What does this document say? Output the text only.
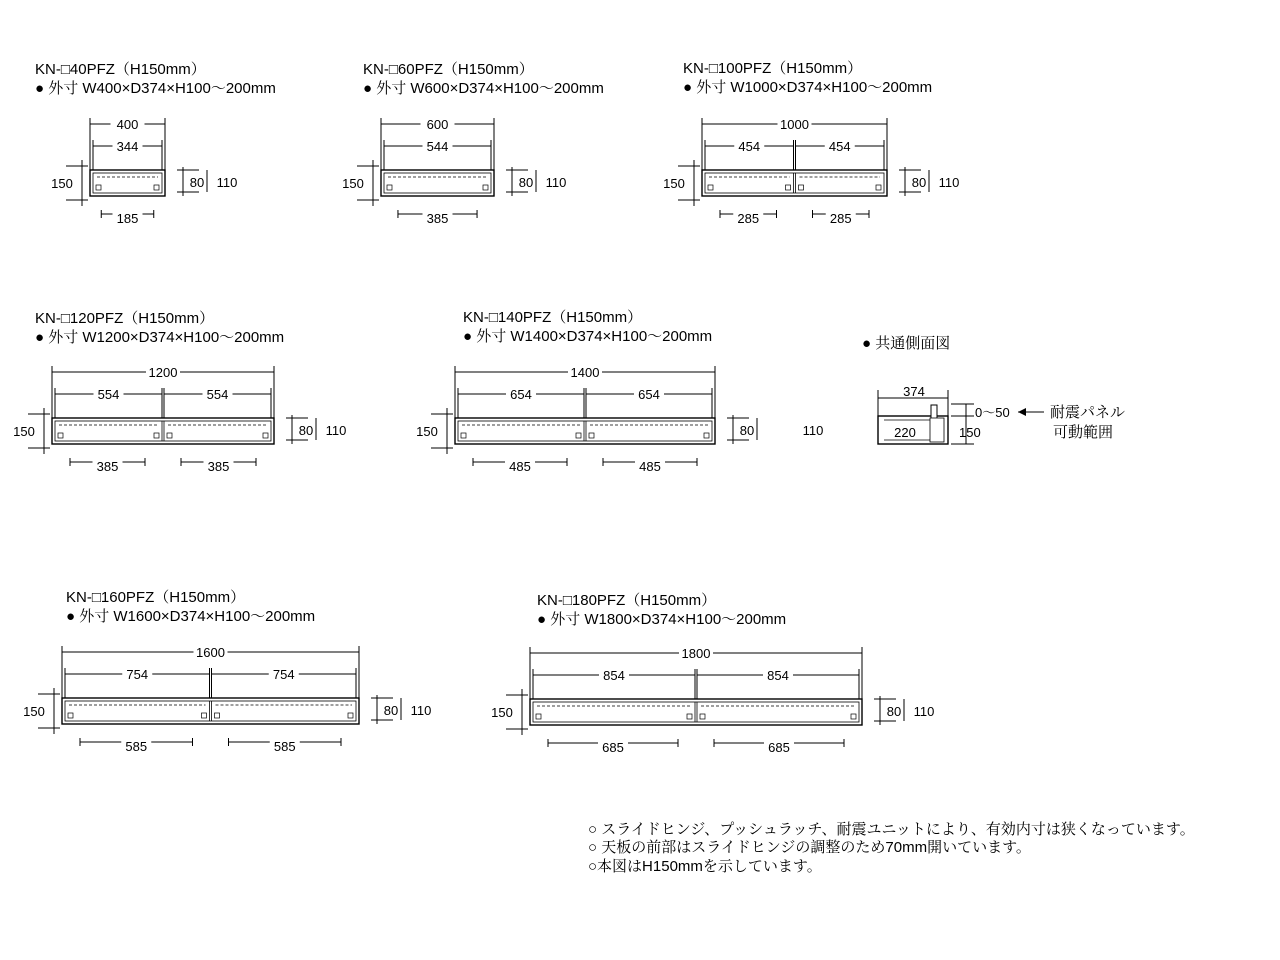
KN-□40PFZ（H150mm）
● 外寸 W400×D374×H100〜200mm
400
344
150	80 110
185
KN-□60PFZ（H150mm）
● 外寸 W600×D374×H100〜200mm
600
544
150	80 110
385
KN-□100PFZ（H150mm）
● 外寸 W1000×D374×H100〜200mm
1000
454	454
150	80 110
285	285
KN-□120PFZ（H150mm）
● 外寸 W1200×D374×H100〜200mm
1200
554	554
150	80 110
385	385
KN-□140PFZ（H150mm）
● 外寸 W1400×D374×H100〜200mm
1400
654	654
150	80	110
485	485
KN-□160PFZ（H150mm）
● 外寸 W1600×D374×H100〜200mm
1600
754	754
150	80 110
585	585
KN-□180PFZ（H150mm）
● 外寸 W1800×D374×H100〜200mm
1800
854	854
150	80 110
685	685
● 共通側面図
374
220	150
0〜50	耐震パネル
可動範囲
○ スライドヒンジ、プッシュラッチ、耐震ユニットにより、有効内寸は狭くなっています。
○ 天板の前部はスライドヒンジの調整のため70mm開いています。
○本図はH150mmを示しています。
